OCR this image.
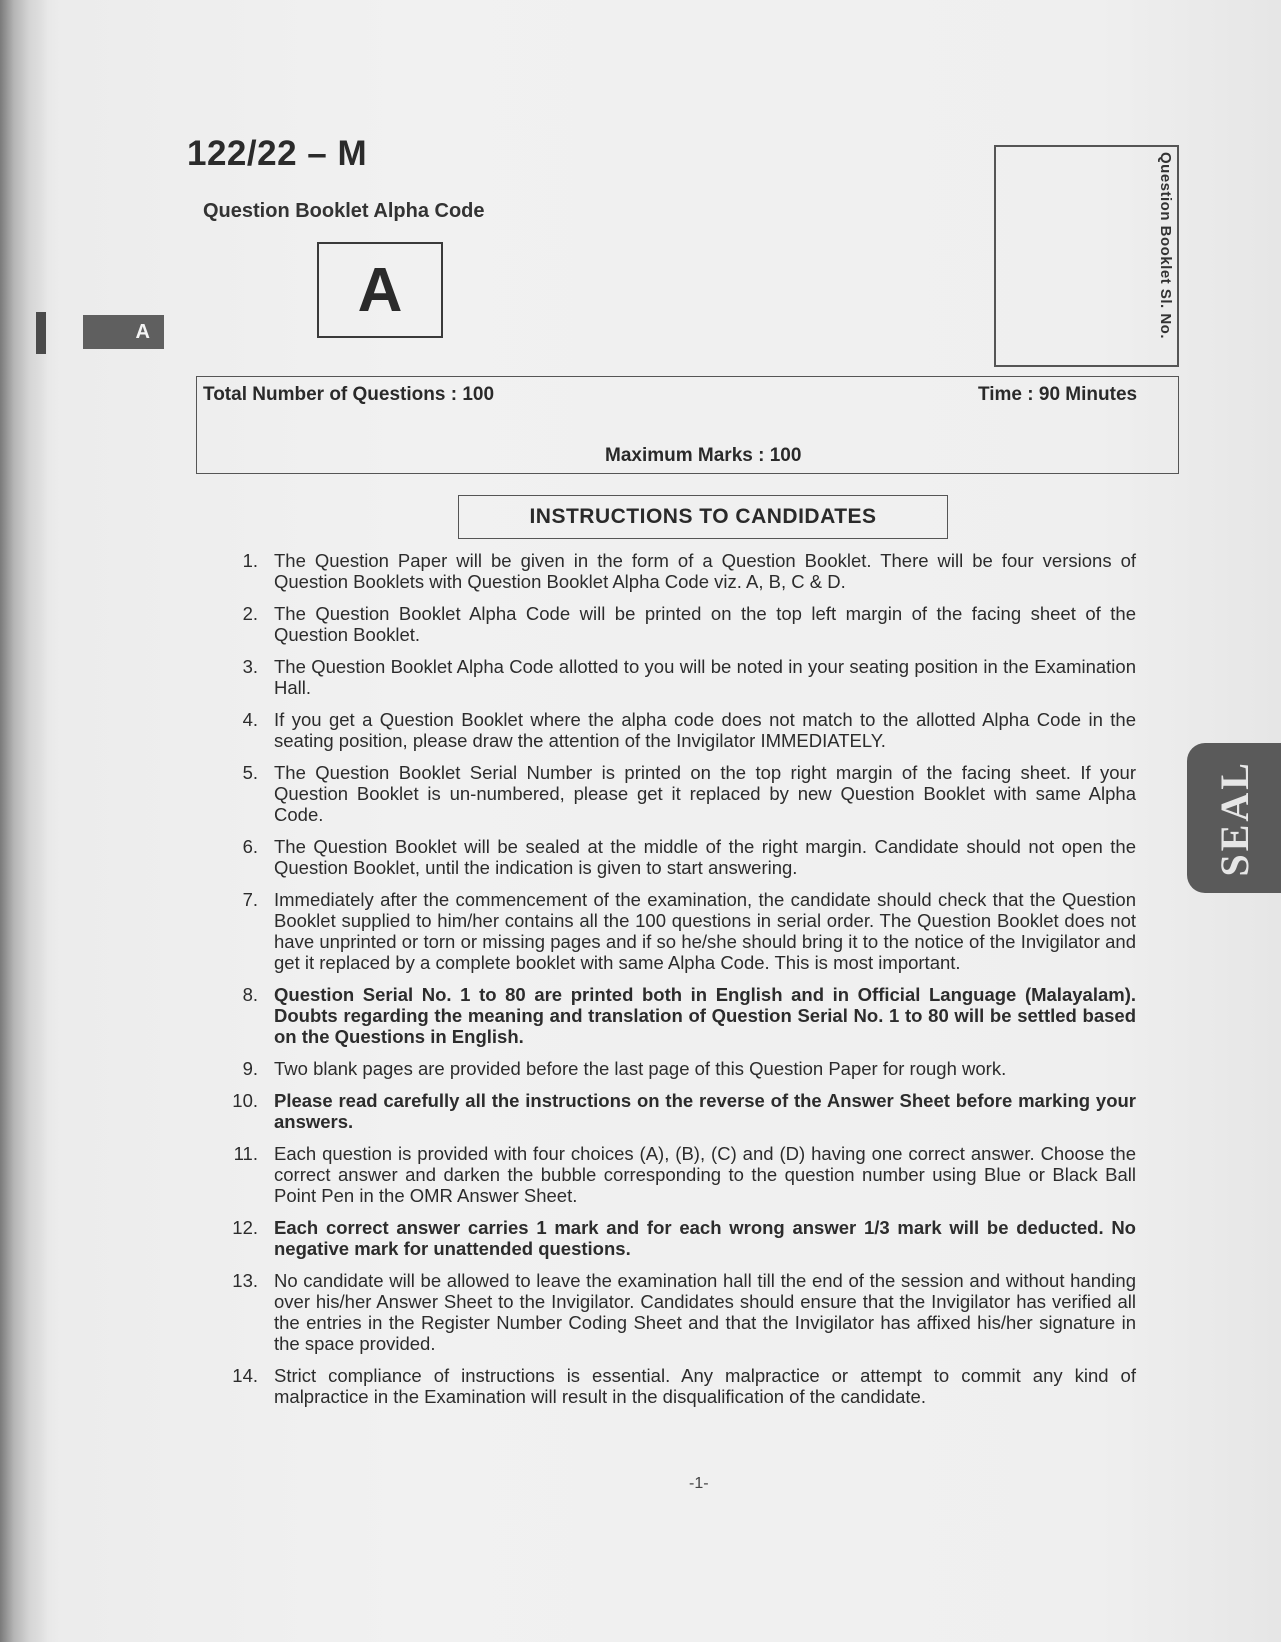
122/22 – M
Question Booklet Alpha Code
A
A	Question Booklet Sl. No.
Total Number of Questions : 100	Time : 90 Minutes
Maximum Marks : 100
INSTRUCTIONS TO CANDIDATES
1. The Question Paper will be given in the form of a Question Booklet. There will be four versions of Question Booklets with Question Booklet Alpha Code viz. A, B, C & D.
2. The Question Booklet Alpha Code will be printed on the top left margin of the facing sheet of the Question Booklet.
3. The Question Booklet Alpha Code allotted to you will be noted in your seating position in the Examination Hall.
4. If you get a Question Booklet where the alpha code does not match to the allotted Alpha Code in the seating position, please draw the attention of the Invigilator IMMEDIATELY.
5. The Question Booklet Serial Number is printed on the top right margin of the facing sheet. If your Question Booklet is un-numbered, please get it replaced by new Question Booklet with same Alpha Code.
6. The Question Booklet will be sealed at the middle of the right margin. Candidate should not open the Question Booklet, until the indication is given to start answering.
7. Immediately after the commencement of the examination, the candidate should check that the Question Booklet supplied to him/her contains all the 100 questions in serial order. The Question Booklet does not have unprinted or torn or missing pages and if so he/she should bring it to the notice of the Invigilator and get it replaced by a complete booklet with same Alpha Code. This is most important.
8. Question Serial No. 1 to 80 are printed both in English and in Official Language (Malayalam). Doubts regarding the meaning and translation of Question Serial No. 1 to 80 will be settled based on the Questions in English.
9. Two blank pages are provided before the last page of this Question Paper for rough work.
10. Please read carefully all the instructions on the reverse of the Answer Sheet before marking your answers.
11. Each question is provided with four choices (A), (B), (C) and (D) having one correct answer. Choose the correct answer and darken the bubble corresponding to the question number using Blue or Black Ball Point Pen in the OMR Answer Sheet.
12. Each correct answer carries 1 mark and for each wrong answer 1/3 mark will be deducted. No negative mark for unattended questions.
13. No candidate will be allowed to leave the examination hall till the end of the session and without handing over his/her Answer Sheet to the Invigilator. Candidates should ensure that the Invigilator has verified all the entries in the Register Number Coding Sheet and that the Invigilator has affixed his/her signature in the space provided.
14. Strict compliance of instructions is essential. Any malpractice or attempt to commit any kind of malpractice in the Examination will result in the disqualification of the candidate.
SEAL
-1-
